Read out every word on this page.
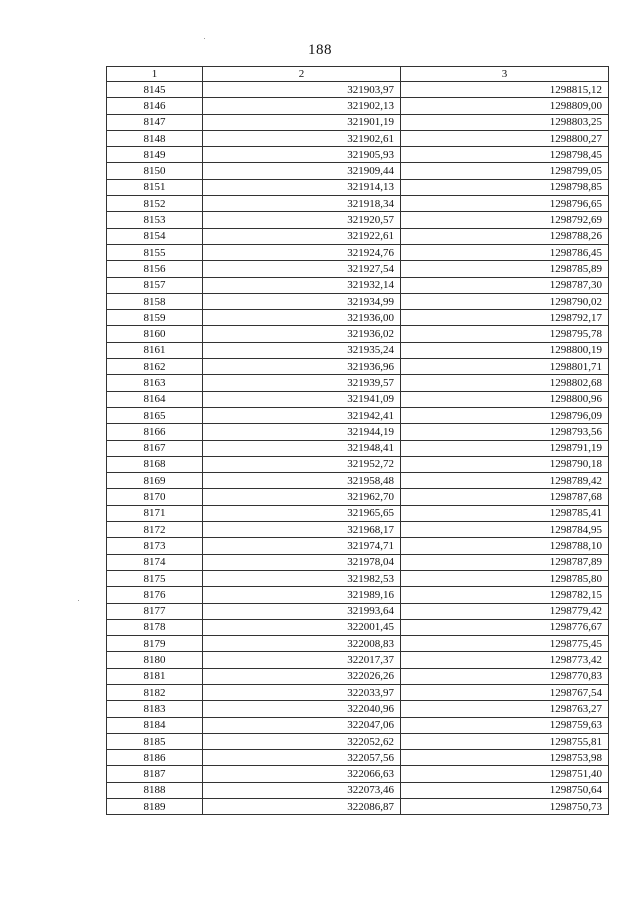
188
1	2	3
8145	321903,97	1298815,12
8146	321902,13	1298809,00
8147	321901,19	1298803,25
8148	321902,61	1298800,27
8149	321905,93	1298798,45
8150	321909,44	1298799,05
8151	321914,13	1298798,85
8152	321918,34	1298796,65
8153	321920,57	1298792,69
8154	321922,61	1298788,26
8155	321924,76	1298786,45
8156	321927,54	1298785,89
8157	321932,14	1298787,30
8158	321934,99	1298790,02
8159	321936,00	1298792,17
8160	321936,02	1298795,78
8161	321935,24	1298800,19
8162	321936,96	1298801,71
8163	321939,57	1298802,68
8164	321941,09	1298800,96
8165	321942,41	1298796,09
8166	321944,19	1298793,56
8167	321948,41	1298791,19
8168	321952,72	1298790,18
8169	321958,48	1298789,42
8170	321962,70	1298787,68
8171	321965,65	1298785,41
8172	321968,17	1298784,95
8173	321974,71	1298788,10
8174	321978,04	1298787,89
8175	321982,53	1298785,80
8176	321989,16	1298782,15
8177	321993,64	1298779,42
8178	322001,45	1298776,67
8179	322008,83	1298775,45
8180	322017,37	1298773,42
8181	322026,26	1298770,83
8182	322033,97	1298767,54
8183	322040,96	1298763,27
8184	322047,06	1298759,63
8185	322052,62	1298755,81
8186	322057,56	1298753,98
8187	322066,63	1298751,40
8188	322073,46	1298750,64
8189	322086,87	1298750,73
